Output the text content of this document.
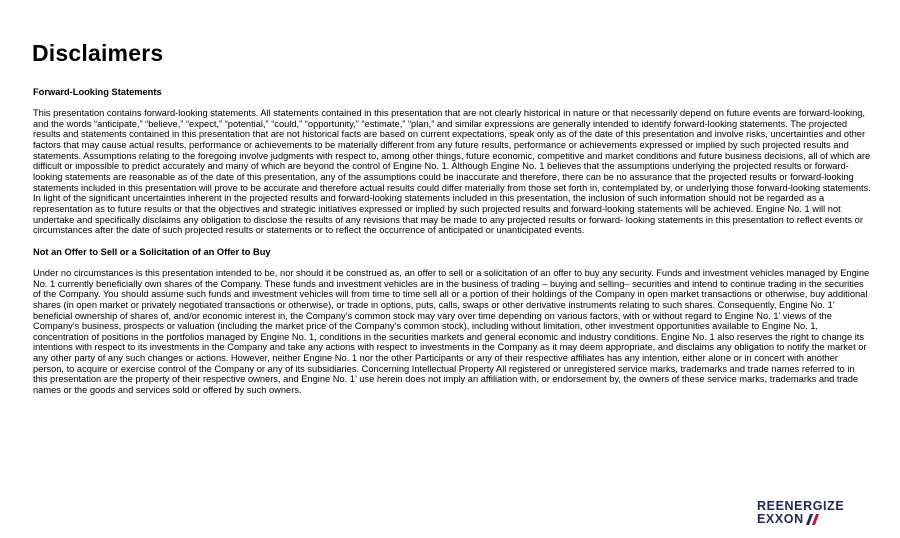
Disclaimers

Forward-Looking Statements

This presentation contains forward-looking statements. All statements contained in this presentation that are not clearly historical in nature or that necessarily depend on future events are forward-looking, and the words “anticipate,” “believe,” “expect,” “potential,” “could,” “opportunity,” “estimate,” “plan,” and similar expressions are generally intended to identify forward-looking statements. The projected results and statements contained in this presentation that are not historical facts are based on current expectations, speak only as of the date of this presentation and involve risks, uncertainties and other factors that may cause actual results, performance or achievements to be materially different from any future results, performance or achievements expressed or implied by such projected results and statements. Assumptions relating to the foregoing involve judgments with respect to, among other things, future economic, competitive and market conditions and future business decisions, all of which are difficult or impossible to predict accurately and many of which are beyond the control of Engine No. 1. Although Engine No. 1 believes that the assumptions underlying the projected results or forward-looking statements are reasonable as of the date of this presentation, any of the assumptions could be inaccurate and therefore, there can be no assurance that the projected results or forward-looking statements included in this presentation will prove to be accurate and therefore actual results could differ materially from those set forth in, contemplated by, or underlying those forward-looking statements. In light of the significant uncertainties inherent in the projected results and forward-looking statements included in this presentation, the inclusion of such information should not be regarded as a representation as to future results or that the objectives and strategic initiatives expressed or implied by such projected results and forward-looking statements will be achieved. Engine No. 1 will not undertake and specifically disclaims any obligation to disclose the results of any revisions that may be made to any projected results or forward- looking statements in this presentation to reflect events or circumstances after the date of such projected results or statements or to reflect the occurrence of anticipated or unanticipated events.

Not an Offer to Sell or a Solicitation of an Offer to Buy

Under no circumstances is this presentation intended to be, nor should it be construed as, an offer to sell or a solicitation of an offer to buy any security. Funds and investment vehicles managed by Engine No. 1 currently beneficially own shares of the Company. These funds and investment vehicles are in the business of trading – buying and selling– securities and intend to continue trading in the securities of the Company. You should assume such funds and investment vehicles will from time to time sell all or a portion of their holdings of the Company in open market transactions or otherwise, buy additional shares (in open market or privately negotiated transactions or otherwise), or trade in options, puts, calls, swaps or other derivative instruments relating to such shares. Consequently, Engine No. 1’ beneficial ownership of shares of, and/or economic interest in, the Company’s common stock may vary over time depending on various factors, with or without regard to Engine No. 1’ views of the Company’s business, prospects or valuation (including the market price of the Company’s common stock), including without limitation, other investment opportunities available to Engine No. 1, concentration of positions in the portfolios managed by Engine No. 1, conditions in the securities markets and general economic and industry conditions. Engine No. 1 also reserves the right to change its intentions with respect to its investments in the Company and take any actions with respect to investments in the Company as it may deem appropriate, and disclaims any obligation to notify the market or any other party of any such changes or actions. However, neither Engine No. 1 nor the other Participants or any of their respective affiliates has any intention, either alone or in concert with another person, to acquire or exercise control of the Company or any of its subsidiaries. Concerning Intellectual Property All registered or unregistered service marks, trademarks and trade names referred to in this presentation are the property of their respective owners, and Engine No. 1’ use herein does not imply an affiliation with, or endorsement by, the owners of these service marks, trademarks and trade names or the goods and services sold or offered by such owners.

REENERGIZE
EXXON
